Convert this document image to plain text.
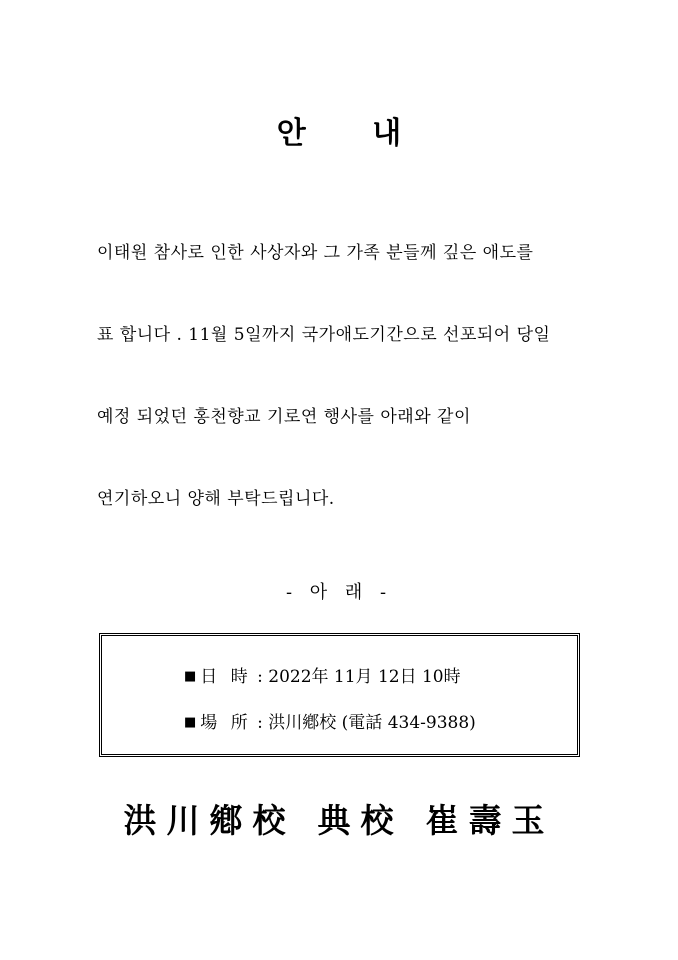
안 내
이태원 참사로 인한 사상자와 그 가족 분들께 깊은 애도를
표 합니다 . 11월 5일까지 국가애도기간으로 선포되어 당일
예정 되었던 홍천향교 기로연 행사를 아래와 같이
연기하오니 양해 부탁드립니다.
- 아 래 -
■ 日 時 : 2022年 11月 12日 10時
■ 場 所 : 洪川鄕校 (電話 434-9388)
洪川鄕校 典校 崔壽玉
